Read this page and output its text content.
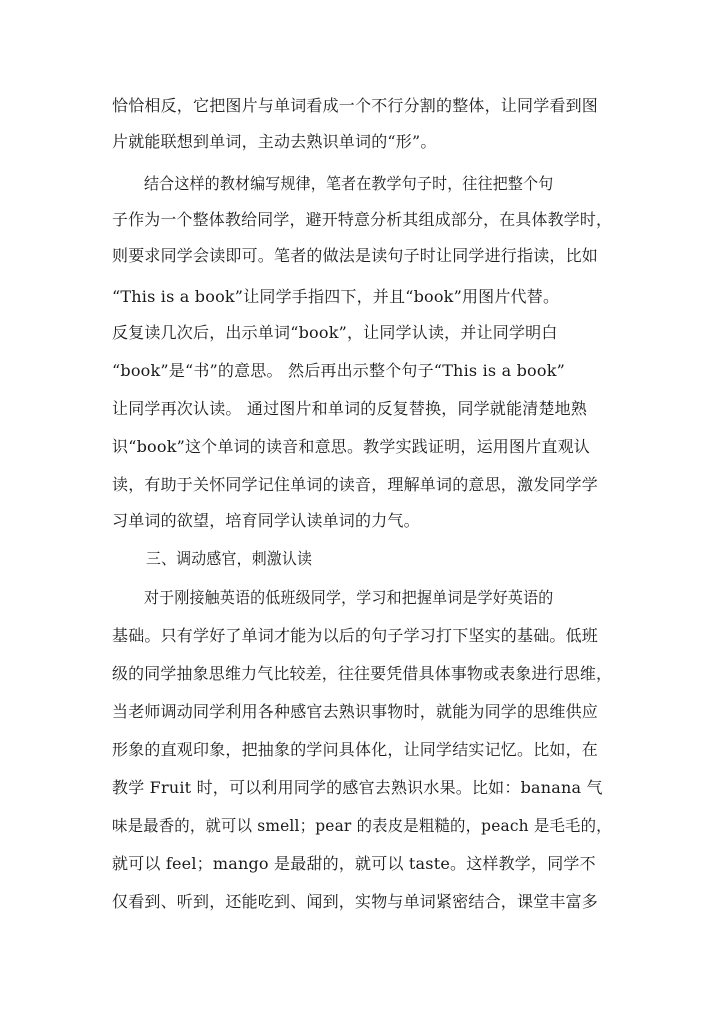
恰恰相反，它把图片与单词看成一个不行分割的整体，让同学看到图
片就能联想到单词，主动去熟识单词的“形”。
结合这样的教材编写规律，笔者在教学句子时，往往把整个句
子作为一个整体教给同学，避开特意分析其组成部分，在具体教学时，
则要求同学会读即可。笔者的做法是读句子时让同学进行指读，比如
“This is a book”让同学手指四下，并且“book”用图片代替。
反复读几次后，出示单词“book”，让同学认读，并让同学明白
“book”是“书”的意思。 然后再出示整个句子“This is a book”
让同学再次认读。 通过图片和单词的反复替换，同学就能清楚地熟
识“book”这个单词的读音和意思。教学实践证明，运用图片直观认
读，有助于关怀同学记住单词的读音，理解单词的意思，激发同学学
习单词的欲望，培育同学认读单词的力气。
三、调动感官，刺激认读
对于刚接触英语的低班级同学，学习和把握单词是学好英语的
基础。只有学好了单词才能为以后的句子学习打下坚实的基础。低班
级的同学抽象思维力气比较差，往往要凭借具体事物或表象进行思维，
当老师调动同学利用各种感官去熟识事物时，就能为同学的思维供应
形象的直观印象，把抽象的学问具体化，让同学结实记忆。比如，在
教学 Fruit 时，可以利用同学的感官去熟识水果。比如：banana 气
味是最香的，就可以 smell；pear 的表皮是粗糙的，peach 是毛毛的，
就可以 feel；mango 是最甜的，就可以 taste。这样教学，同学不
仅看到、听到，还能吃到、闻到，实物与单词紧密结合，课堂丰富多
